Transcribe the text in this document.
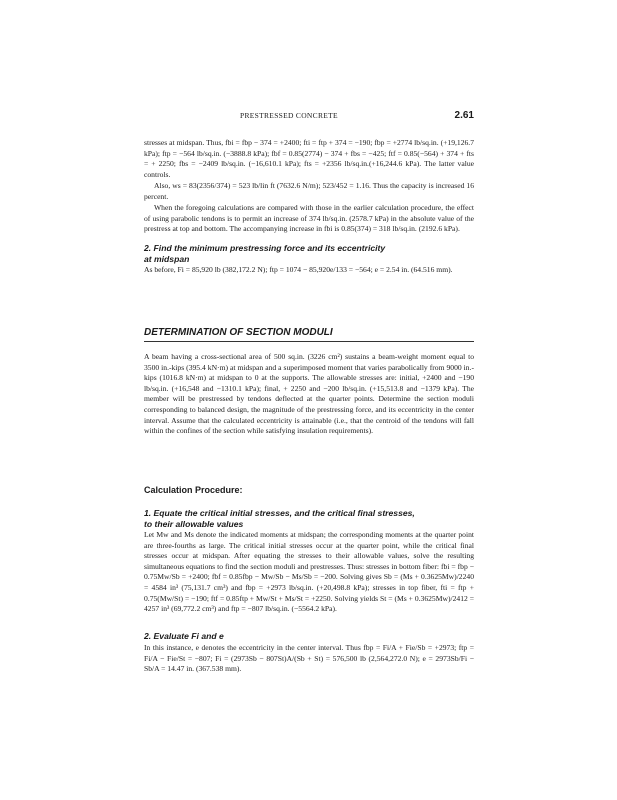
PRESTRESSED CONCRETE	2.61

stresses at midspan. Thus, fbi = fbp − 374 = +2400; fti = ftp + 374 = −190; fbp = +2774 lb/sq.in. (+19,126.7 kPa); ftp = −564 lb/sq.in. (−3888.8 kPa); fbf = 0.85(2774) − 374 + fbs = −425; ftf = 0.85(−564) + 374 + fts = + 2250; fbs = −2409 lb/sq.in. (−16,610.1 kPa); fts = +2356 lb/sq.in.(+16,244.6 kPa). The latter value controls.

Also, ws = 83(2356/374) = 523 lb/lin ft (7632.6 N/m); 523/452 = 1.16. Thus the capacity is increased 16 percent.

When the foregoing calculations are compared with those in the earlier calculation procedure, the effect of using parabolic tendons is to permit an increase of 374 lb/sq.in. (2578.7 kPa) in the absolute value of the prestress at top and bottom. The accompanying increase in fbi is 0.85(374) = 318 lb/sq.in. (2192.6 kPa).

2. Find the minimum prestressing force and its eccentricity
at midspan

As before, Fi = 85,920 lb (382,172.2 N); ftp = 1074 − 85,920e/133 = −564; e = 2.54 in. (64.516 mm).

DETERMINATION OF SECTION MODULI

A beam having a cross-sectional area of 500 sq.in. (3226 cm²) sustains a beam-weight moment equal to 3500 in.-kips (395.4 kN·m) at midspan and a superimposed moment that varies parabolically from 9000 in.-kips (1016.8 kN·m) at midspan to 0 at the supports. The allowable stresses are: initial, +2400 and −190 lb/sq.in. (+16,548 and −1310.1 kPa); final, + 2250 and −200 lb/sq.in. (+15,513.8 and −1379 kPa). The member will be prestressed by tendons deflected at the quarter points. Determine the section moduli corresponding to balanced design, the magnitude of the prestressing force, and its eccentricity in the center interval. Assume that the calculated eccentricity is attainable (i.e., that the centroid of the tendons will fall within the confines of the section while satisfying insulation requirements).

Calculation Procedure:

1. Equate the critical initial stresses, and the critical final stresses,
to their allowable values

Let Mw and Ms denote the indicated moments at midspan; the corresponding moments at the quarter point are three-fourths as large. The critical initial stresses occur at the quarter point, while the critical final stresses occur at midspan. After equating the stresses to their allowable values, solve the resulting simultaneous equations to find the section moduli and prestresses. Thus: stresses in bottom fiber: fbi = fbp − 0.75Mw/Sb = +2400; fbf = 0.85fbp − Mw/Sb − Ms/Sb = −200. Solving gives Sb = (Ms + 0.3625Mw)/2240 = 4584 in³ (75,131.7 cm³) and fbp = +2973 lb/sq.in. (+20,498.8 kPa); stresses in top fiber, fti = ftp + 0.75(Mw/St) = −190; ftf = 0.85ftp + Mw/St + Ms/St = +2250. Solving yields St = (Ms + 0.3625Mw)/2412 = 4257 in³ (69,772.2 cm³) and ftp = −807 lb/sq.in. (−5564.2 kPa).

2. Evaluate Fi and e

In this instance, e denotes the eccentricity in the center interval. Thus fbp = Fi/A + Fie/Sb = +2973; ftp = Fi/A − Fie/St = −807; Fi = (2973Sb − 807St)A/(Sb + St) = 576,500 lb (2,564,272.0 N); e = 2973Sb/Fi − Sb/A = 14.47 in. (367.538 mm).
